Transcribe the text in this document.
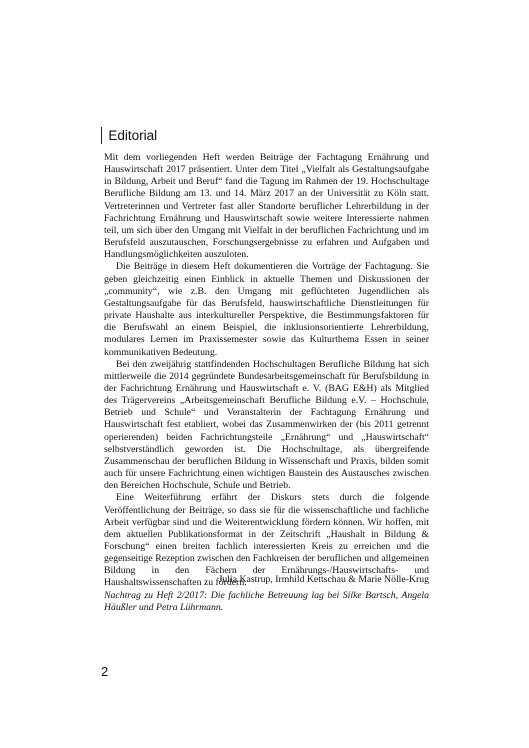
Editorial

Mit dem vorliegenden Heft werden Beiträge der Fachtagung Ernährung und Hauswirtschaft 2017 präsentiert. Unter dem Titel „Vielfalt als Gestaltungsaufgabe in Bildung, Arbeit und Beruf“ fand die Tagung im Rahmen der 19. Hochschultage Berufliche Bildung am 13. und 14. März 2017 an der Universität zu Köln statt. Vertreterinnen und Vertreter fast aller Standorte beruflicher Lehrerbildung in der Fachrichtung Ernährung und Hauswirtschaft sowie weitere Interessierte nahmen teil, um sich über den Umgang mit Vielfalt in der beruflichen Fachrichtung und im Berufsfeld auszutauschen, Forschungsergebnisse zu erfahren und Aufgaben und Handlungsmöglichkeiten auszuloten.

Die Beiträge in diesem Heft dokumentieren die Vorträge der Fachtagung. Sie geben gleichzeitig einen Einblick in aktuelle Themen und Diskussionen der „community“, wie z.B. den Umgang mit geflüchteten Jugendlichen als Gestaltungsaufgabe für das Berufsfeld, hauswirtschaftliche Dienstleitungen für private Haushalte aus interkultureller Perspektive, die Bestimmungsfaktoren für die Berufswahl an einem Beispiel, die inklusionsorientierte Lehrerbildung, modulares Lernen im Praxissemester sowie das Kulturthema Essen in seiner kommunikativen Bedeutung.

Bei den zweijährig stattfindenden Hochschultagen Berufliche Bildung hat sich mittlerweile die 2014 gegründete Bundesarbeitsgemeinschaft für Berufsbildung in der Fachrichtung Ernährung und Hauswirtschaft e. V. (BAG E&H) als Mitglied des Trägervereins „Arbeitsgemeinschaft Berufliche Bildung e.V. – Hochschule, Betrieb und Schule“ und Veranstalterin der Fachtagung Ernährung und Hauswirtschaft fest etabliert, wobei das Zusammenwirken der (bis 2011 getrennt operierenden) beiden Fachrichtungsteile „Ernährung“ und „Hauswirtschaft“ selbstverständlich geworden ist. Die Hochschultage, als übergreifende Zusammenschau der beruflichen Bildung in Wissenschaft und Praxis, bilden somit auch für unsere Fachrichtung einen wichtigen Baustein des Austausches zwischen den Bereichen Hochschule, Schule und Betrieb.

Eine Weiterführung erfährt der Diskurs stets durch die folgende Veröffentlichung der Beiträge, so dass sie für die wissenschaftliche und fachliche Arbeit verfügbar sind und die Weiterentwicklung fördern können. Wir hoffen, mit dem aktuellen Publikationsformat in der Zeitschrift „Haushalt in Bildung & Forschung“ einen breiten fachlich interessierten Kreis zu erreichen und die gegenseitige Rezeption zwischen den Fachkreisen der beruflichen und allgemeinen Bildung in den Fächern der Ernährungs-/Hauswirtschafts- und Haushaltswissenschaften zu fördern.

Julia Kastrup, Irmhild Kettschau & Marie Nölle-Krug
Nachtrag zu Heft 2/2017: Die fachliche Betreuung lag bei Silke Bartsch, Angela Häußler und Petra Lührmann.
2
